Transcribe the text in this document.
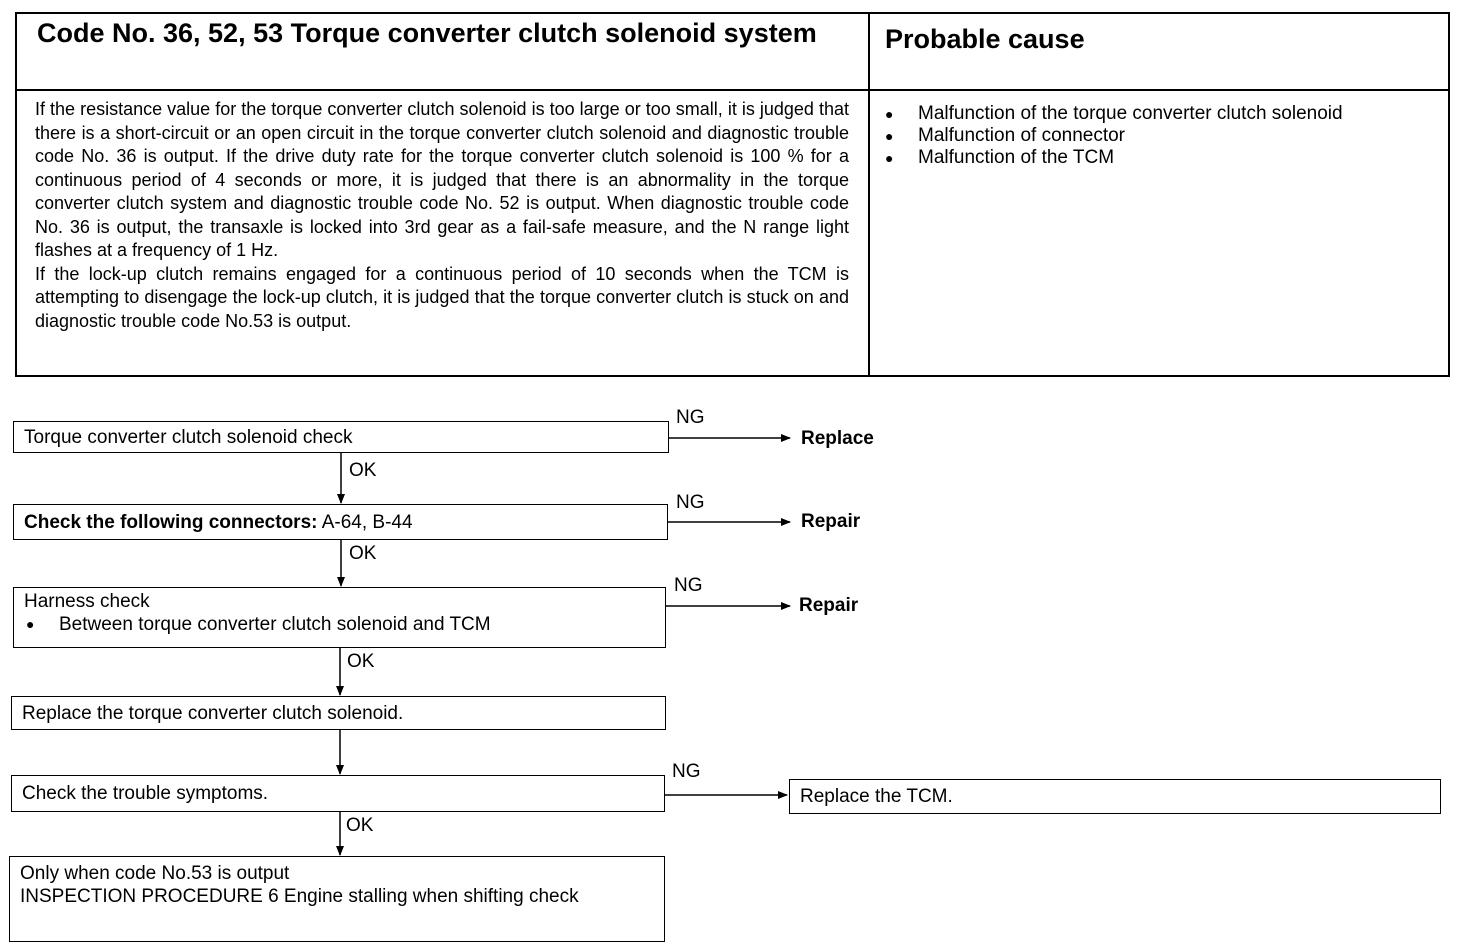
Code No. 36, 52, 53 Torque converter clutch solenoid system	Probable cause

If the resistance value for the torque converter clutch solenoid is too large or too small, it is judged that there is a short-circuit or an open circuit in the torque converter clutch solenoid and diagnostic trouble code No. 36 is output. If the drive duty rate for the torque converter clutch solenoid is 100 % for a continuous period of 4 seconds or more, it is judged that there is an abnormality in the torque converter clutch system and diagnostic trouble code No. 52 is output. When diagnostic trouble code No. 36 is output, the transaxle is locked into 3rd gear as a fail-safe measure, and the N range light flashes at a frequency of 1 Hz.

If the lock-up clutch remains engaged for a continuous period of 10 seconds when the TCM is attempting to disengage the lock-up clutch, it is judged that the torque converter clutch is stuck on and diagnostic trouble code No.53 is output.

● Malfunction of the torque converter clutch solenoid
● Malfunction of connector
● Malfunction of the TCM
Torque converter clutch solenoid check
NG
Replace
OK
Check the following connectors: A-64, B-44
NG
Repair
OK
Harness check
● Between torque converter clutch solenoid and TCM
NG
Repair
OK
Replace the torque converter clutch solenoid.
Check the trouble symptoms.
NG
Replace the TCM.
OK
Only when code No.53 is output
INSPECTION PROCEDURE 6 Engine stalling when shifting check
